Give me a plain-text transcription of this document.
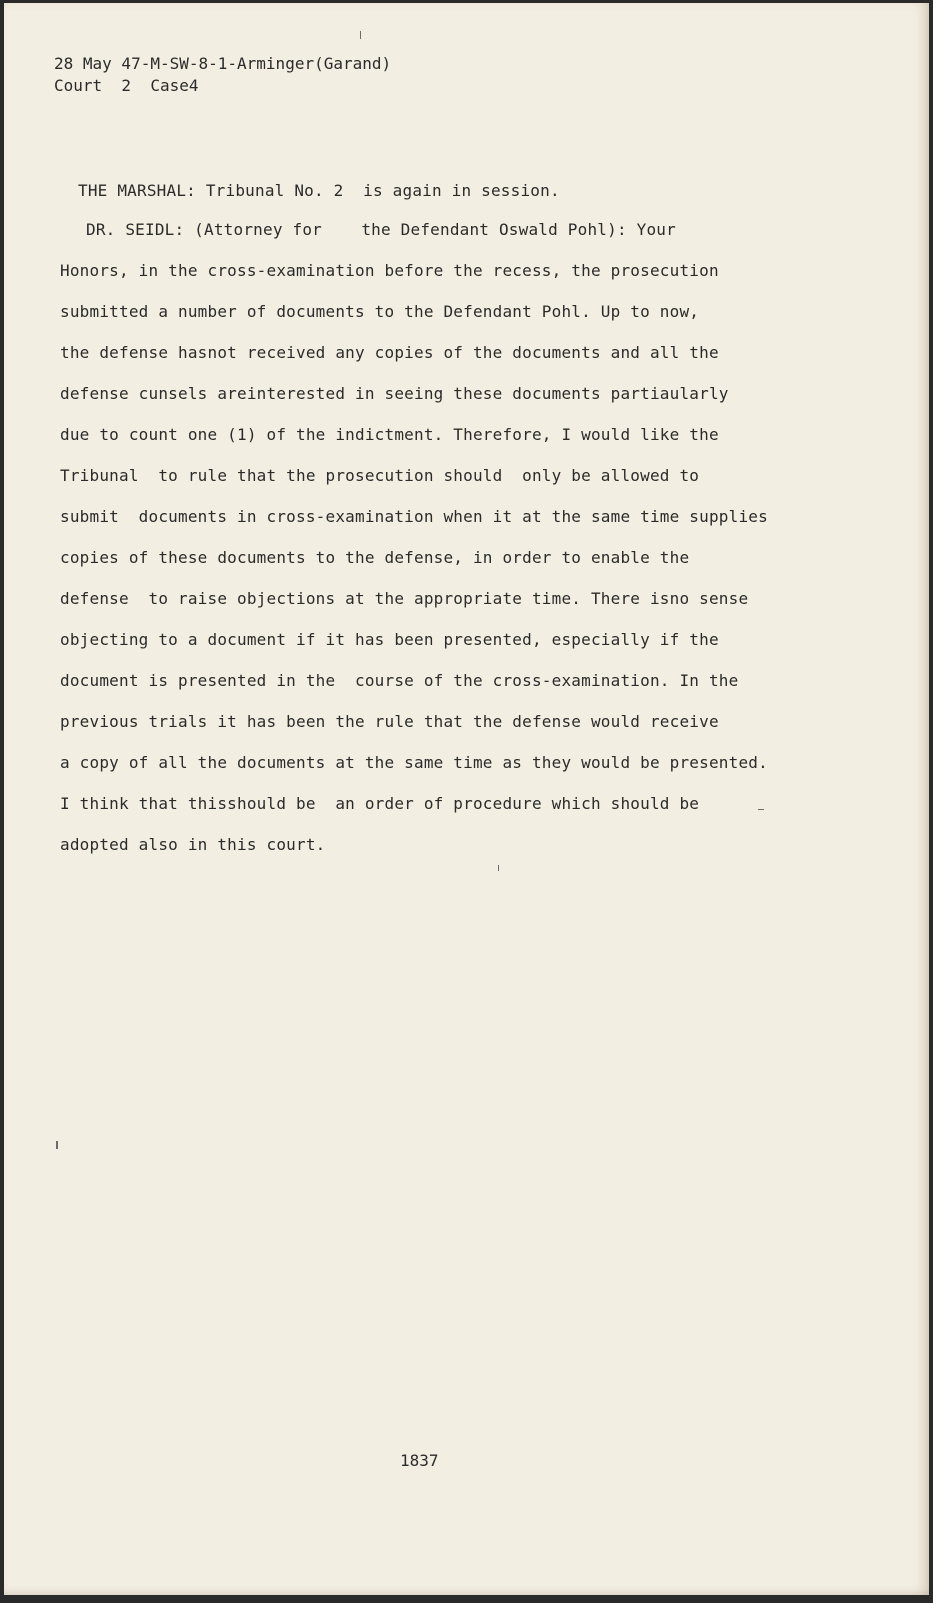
28 May 47-M-SW-8-1-Arminger(Garand)
Court  2  Case4
THE MARSHAL: Tribunal No. 2  is again in session.
DR. SEIDL: (Attorney for    the Defendant Oswald Pohl): Your
Honors, in the cross-examination before the recess, the prosecution
submitted a number of documents to the Defendant Pohl. Up to now,
the defense hasnot received any copies of the documents and all the
defense cunsels areinterested in seeing these documents partiaularly
due to count one (1) of the indictment. Therefore, I would like the
Tribunal  to rule that the prosecution should  only be allowed to
submit  documents in cross-examination when it at the same time supplies
copies of these documents to the defense, in order to enable the
defense  to raise objections at the appropriate time. There isno sense
objecting to a document if it has been presented, especially if the
document is presented in the  course of the cross-examination. In the
previous trials it has been the rule that the defense would receive
a copy of all the documents at the same time as they would be presented.
I think that thisshould be  an order of procedure which should be
adopted also in this court.
1837
